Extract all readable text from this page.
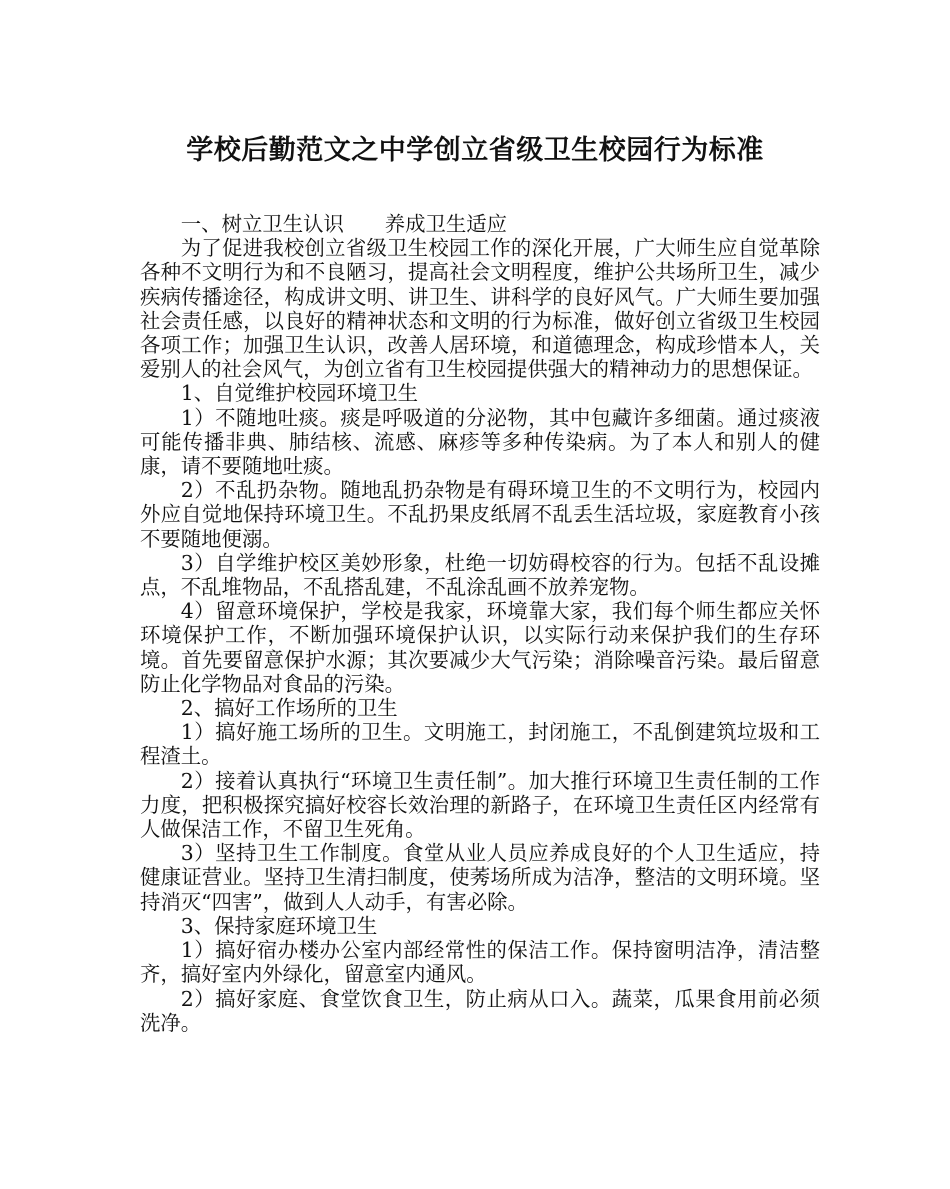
学校后勤范文之中学创立省级卫生校园行为标准

一、树立卫生认识　　养成卫生适应

为了促进我校创立省级卫生校园工作的深化开展，广大师生应自觉革除各种不文明行为和不良陋习，提高社会文明程度，维护公共场所卫生，减少疾病传播途径，构成讲文明、讲卫生、讲科学的良好风气。广大师生要加强社会责任感，以良好的精神状态和文明的行为标准，做好创立省级卫生校园各项工作；加强卫生认识，改善人居环境，和道德理念，构成珍惜本人，关爱别人的社会风气，为创立省有卫生校园提供强大的精神动力的思想保证。

1、自觉维护校园环境卫生

1）不随地吐痰。痰是呼吸道的分泌物，其中包藏许多细菌。通过痰液可能传播非典、肺结核、流感、麻疹等多种传染病。为了本人和别人的健康，请不要随地吐痰。

2）不乱扔杂物。随地乱扔杂物是有碍环境卫生的不文明行为，校园内外应自觉地保持环境卫生。不乱扔果皮纸屑不乱丢生活垃圾，家庭教育小孩不要随地便溺。

3）自学维护校区美妙形象，杜绝一切妨碍校容的行为。包括不乱设摊点，不乱堆物品，不乱搭乱建，不乱涂乱画不放养宠物。

4）留意环境保护，学校是我家，环境靠大家，我们每个师生都应关怀环境保护工作，不断加强环境保护认识，以实际行动来保护我们的生存环境。首先要留意保护水源；其次要减少大气污染；消除噪音污染。最后留意防止化学物品对食品的污染。

2、搞好工作场所的卫生

1）搞好施工场所的卫生。文明施工，封闭施工，不乱倒建筑垃圾和工程渣土。

2）接着认真执行“环境卫生责任制”。加大推行环境卫生责任制的工作力度，把积极探究搞好校容长效治理的新路子，在环境卫生责任区内经常有人做保洁工作，不留卫生死角。

3）坚持卫生工作制度。食堂从业人员应养成良好的个人卫生适应，持健康证营业。坚持卫生清扫制度，使莠场所成为洁净，整洁的文明环境。坚持消灭“四害”，做到人人动手，有害必除。

3、保持家庭环境卫生

1）搞好宿办楼办公室内部经常性的保洁工作。保持窗明洁净，清洁整齐，搞好室内外绿化，留意室内通风。

2）搞好家庭、食堂饮食卫生，防止病从口入。蔬菜，瓜果食用前必须洗净。
